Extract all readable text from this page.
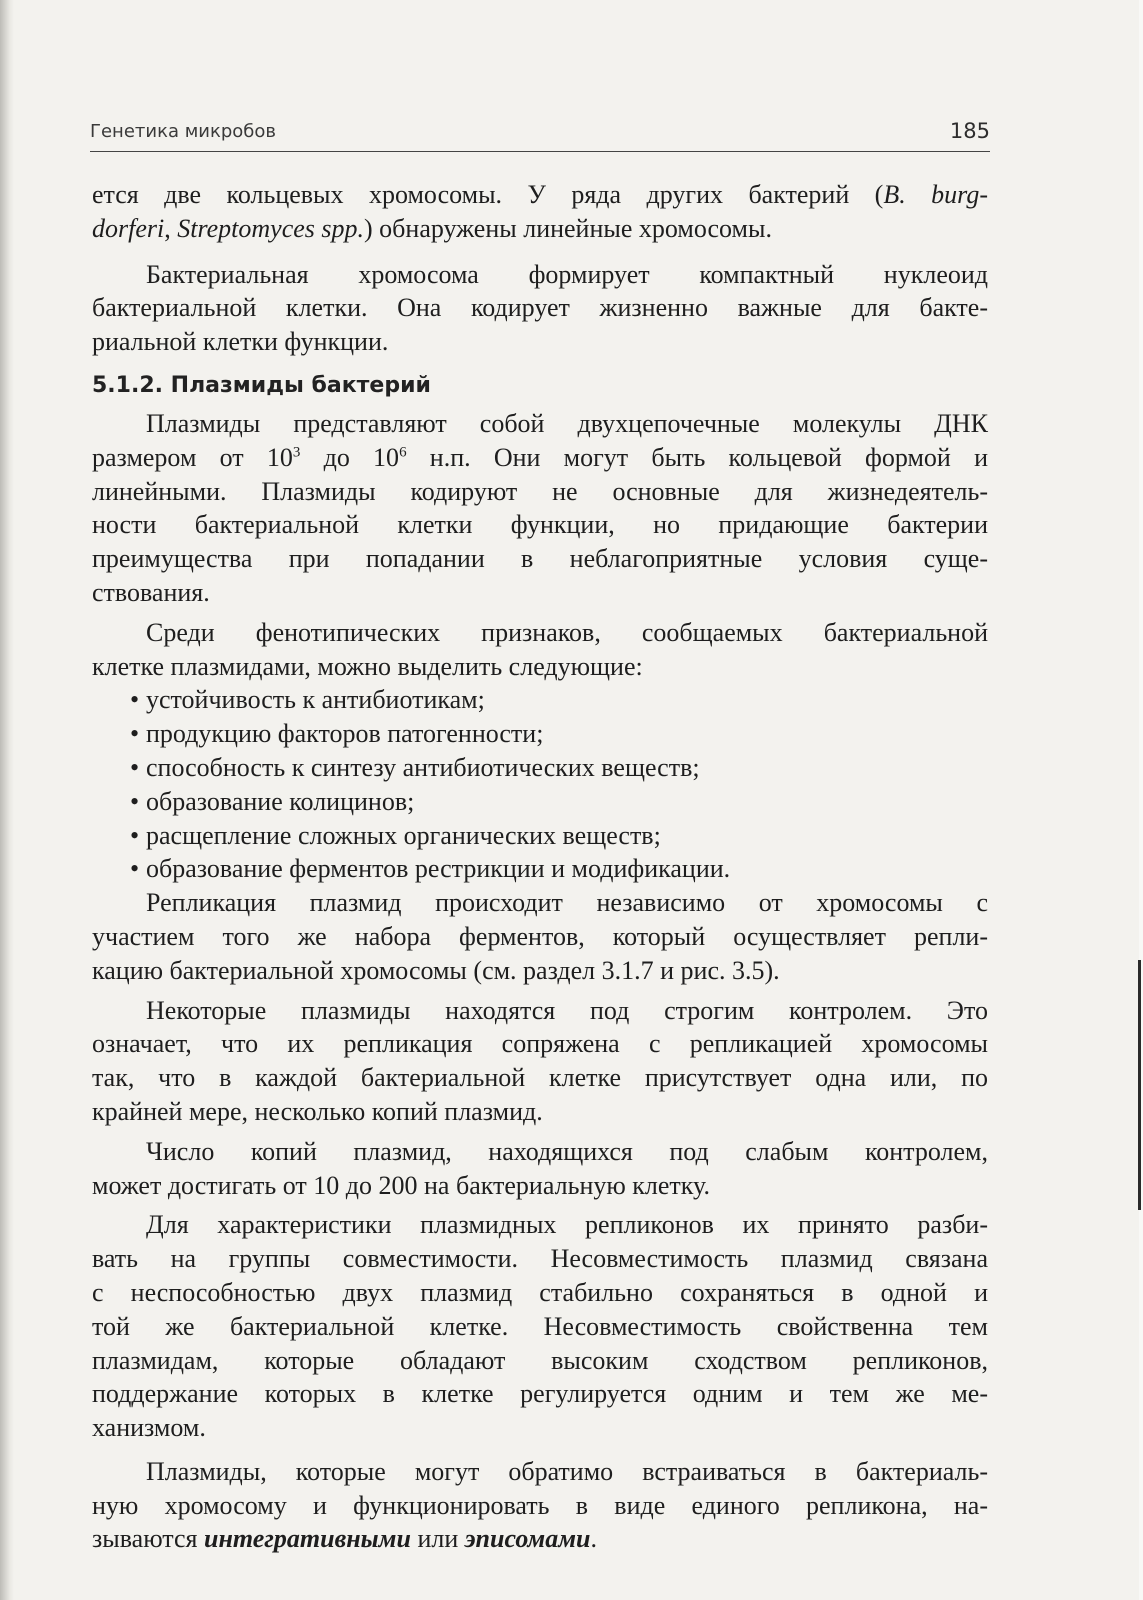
Генетика микробов	185
ется две кольцевых хромосомы. У ряда других бактерий (B. burg-
dorferi, Streptomyces spp.) обнаружены линейные хромосомы.
Бактериальная хромосома формирует компактный нуклеоид
бактериальной клетки. Она кодирует жизненно важные для бакте-
риальной клетки функции.
5.1.2. Плазмиды бактерий
Плазмиды представляют собой двухцепочечные молекулы ДНК
размером от $10^3$ до $10^6$ н.п. Они могут быть кольцевой формой и
линейными. Плазмиды кодируют не основные для жизнедеятель-
ности бактериальной клетки функции, но придающие бактерии
преимущества при попадании в неблагоприятные условия суще-
ствования.
Среди фенотипических признаков, сообщаемых бактериальной
клетке плазмидами, можно выделить следующие:
• устойчивость к антибиотикам;
• продукцию факторов патогенности;
• способность к синтезу антибиотических веществ;
• образование колицинов;
• расщепление сложных органических веществ;
• образование ферментов рестрикции и модификации.
Репликация плазмид происходит независимо от хромосомы с
участием того же набора ферментов, который осуществляет репли-
кацию бактериальной хромосомы (см. раздел 3.1.7 и рис. 3.5).
Некоторые плазмиды находятся под строгим контролем. Это
означает, что их репликация сопряжена с репликацией хромосомы
так, что в каждой бактериальной клетке присутствует одна или, по
крайней мере, несколько копий плазмид.
Число копий плазмид, находящихся под слабым контролем,
может достигать от 10 до 200 на бактериальную клетку.
Для характеристики плазмидных репликонов их принято разби-
вать на группы совместимости. Несовместимость плазмид связана
с неспособностью двух плазмид стабильно сохраняться в одной и
той же бактериальной клетке. Несовместимость свойственна тем
плазмидам, которые обладают высоким сходством репликонов,
поддержание которых в клетке регулируется одним и тем же ме-
ханизмом.
Плазмиды, которые могут обратимо встраиваться в бактериаль-
ную хромосому и функционировать в виде единого репликона, на-
зываются интегративными или эписомами.
